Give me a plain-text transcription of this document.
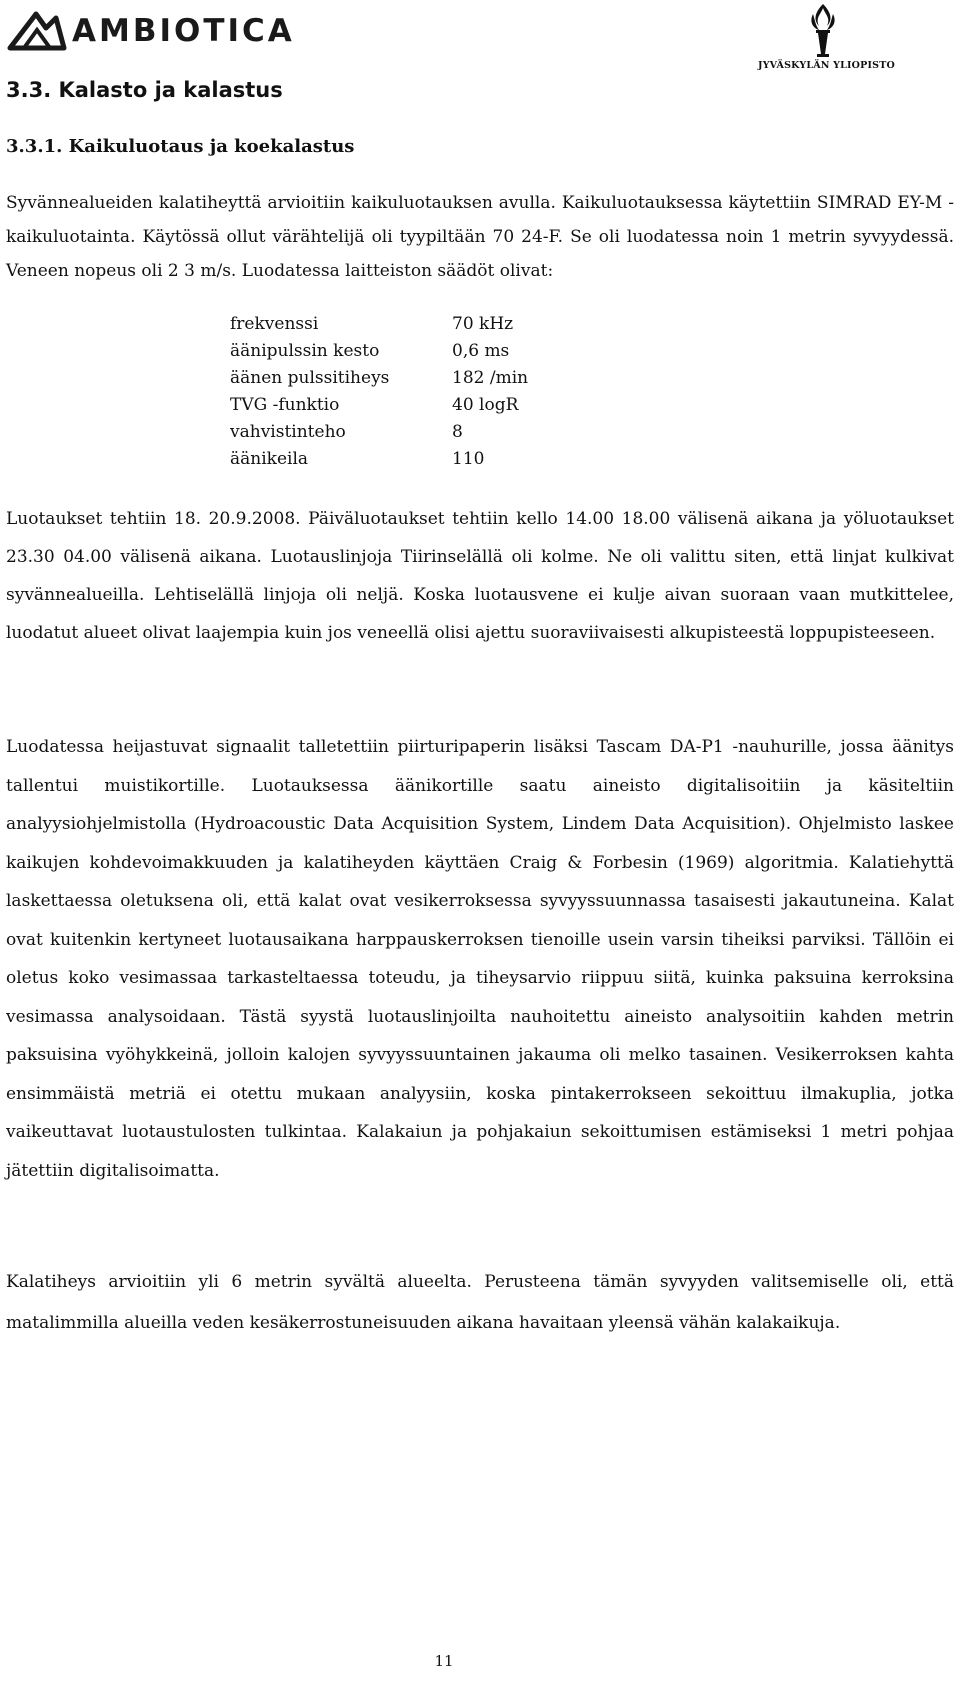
AMBIOTICA
JYVÄSKYLÄN YLIOPISTO
3.3. Kalasto ja kalastus
3.3.1. Kaikuluotaus ja koekalastus

Syvännealueiden kalatiheyttä arvioitiin kaikuluotauksen avulla. Kaikuluotauksessa käytettiin SIMRAD EY-M -kaikuluotainta. Käytössä ollut värähtelijä oli tyypiltään 70 24-F. Se oli luodatessa noin 1 metrin syvyydessä. Veneen nopeus oli 2 3 m/s. Luodatessa laitteiston säädöt olivat:

frekvenssi	70 kHz
äänipulssin kesto	0,6 ms
äänen pulssitiheys	182 /min
TVG -funktio	40 logR
vahvistinteho	8
äänikeila	110

Luotaukset tehtiin 18. 20.9.2008. Päiväluotaukset tehtiin kello 14.00 18.00 välisenä aikana ja yöluotaukset 23.30 04.00 välisenä aikana. Luotauslinjoja Tiirinselällä oli kolme. Ne oli valittu siten, että linjat kulkivat syvännealueilla. Lehtiselällä linjoja oli neljä. Koska luotausvene ei kulje aivan suoraan vaan mutkittelee, luodatut alueet olivat laajempia kuin jos veneellä olisi ajettu suoraviivaisesti alkupisteestä loppupisteeseen.

Luodatessa heijastuvat signaalit talletettiin piirturipaperin lisäksi Tascam DA-P1 -nauhurille, jossa äänitys tallentui muistikortille. Luotauksessa äänikortille saatu aineisto digitalisoitiin ja käsiteltiin analyysiohjelmistolla (Hydroacoustic Data Acquisition System, Lindem Data Acquisition). Ohjelmisto laskee kaikujen kohdevoimakkuuden ja kalatiheyden käyttäen Craig & Forbesin (1969) algoritmia. Kalatiehyttä laskettaessa oletuksena oli, että kalat ovat vesikerroksessa syvyyssuunnassa tasaisesti jakautuneina. Kalat ovat kuitenkin kertyneet luotausaikana harppauskerroksen tienoille usein varsin tiheiksi parviksi. Tällöin ei oletus koko vesimassaa tarkasteltaessa toteudu, ja tiheysarvio riippuu siitä, kuinka paksuina kerroksina vesimassa analysoidaan. Tästä syystä luotauslinjoilta nauhoitettu aineisto analysoitiin kahden metrin paksuisina vyöhykkeinä, jolloin kalojen syvyyssuuntainen jakauma oli melko tasainen. Vesikerroksen kahta ensimmäistä metriä ei otettu mukaan analyysiin, koska pintakerrokseen sekoittuu ilmakuplia, jotka vaikeuttavat luotaustulosten tulkintaa. Kalakaiun ja pohjakaiun sekoittumisen estämiseksi 1 metri pohjaa jätettiin digitalisoimatta.

Kalatiheys arvioitiin yli 6 metrin syvältä alueelta. Perusteena tämän syvyyden valitsemiselle oli, että matalimmilla alueilla veden kesäkerrostuneisuuden aikana havaitaan yleensä vähän kalakaikuja.

11
